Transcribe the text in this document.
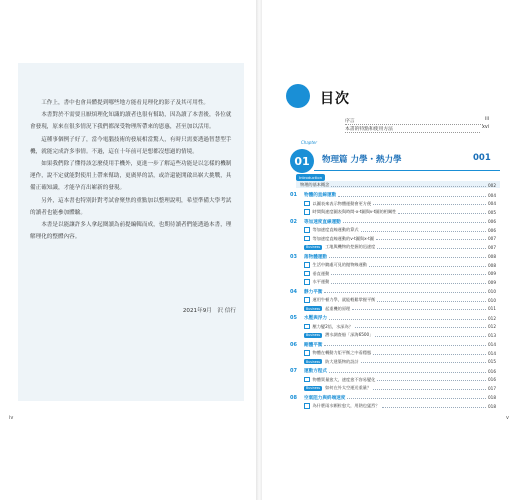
工作上，書中也會具體提到哪些地方能看見理化的影子及其可用性。

本書對於不需要且厭煩理化知識的讀者也很有幫助，因為讀了本書後，各位就會發現，原來在很多情況下我們都深受物理所帶來的恩惠，甚至加以活用。

這種事個例子好了，當今電腦技術的發展相當驚人，有時只需要透過智慧型手機，就能完成許多事情。不過，這在十年前可是想都沒想過的情境。

如果我們除了懂得該怎麼使用手機外，更進一步了解這些功能是以怎樣的機制運作，說不定就能對使用上帶來幫助，更廣界的話，或許還能開啟出嶄大挑戰，具備正確知識，才能孕育出嶄新的發現。

另外，這本書也特別針對考試會聚焦的重點加以整理說明，希望準備大學考試的讀者也能參加體驗。

本書是以能讓許多人拿起閱讀為前提編輯而成，也期待讀者們能透過本書，理解理化的整體內容。

2021年9月　沢 信行
iv
目次
序言	iii
本書的特點和使用方法	xvi
Chapter
01 物理篇 力學・熱力學	001
Introduction
物理的基本概念	002
01	物體的直線運動	004
以圖表來表示物體運動會更方便	004
時間與速度圖表與時間-x-t圖與v-t圖的相關性	005
02	等加速度直線運動	006
等加速度直線運動的算式	006
等加速度直線運動的v-t圖與x-t圖	007
Business	工地與機物的挖掘的迅速度	007
03	落物體運動	008
生活中隨處可見的拋物線運動	008
垂直運動	009
水平運動	009
04	靜力平衡	010
運用牛頓力學，就能輕鬆掌握平衡	010
Business	起重機的原理	011
05	水壓與浮力	012
壓力變2倍，水深為？	012
Business	潛水調查船「深海6500」	013
06	剛體平衡	014
物體在轉動力矩平衡之中看穩態	014
Business	防大建築物的設計	015
07	運動方程式	016
物體質量愈大，速度愈不容易變化	016
Business	如何在外太空運送重量？	017
08	空氣阻力與終端速度	018
為什麼雨水顆粒愈大，用熱也猛烈？	018
v
